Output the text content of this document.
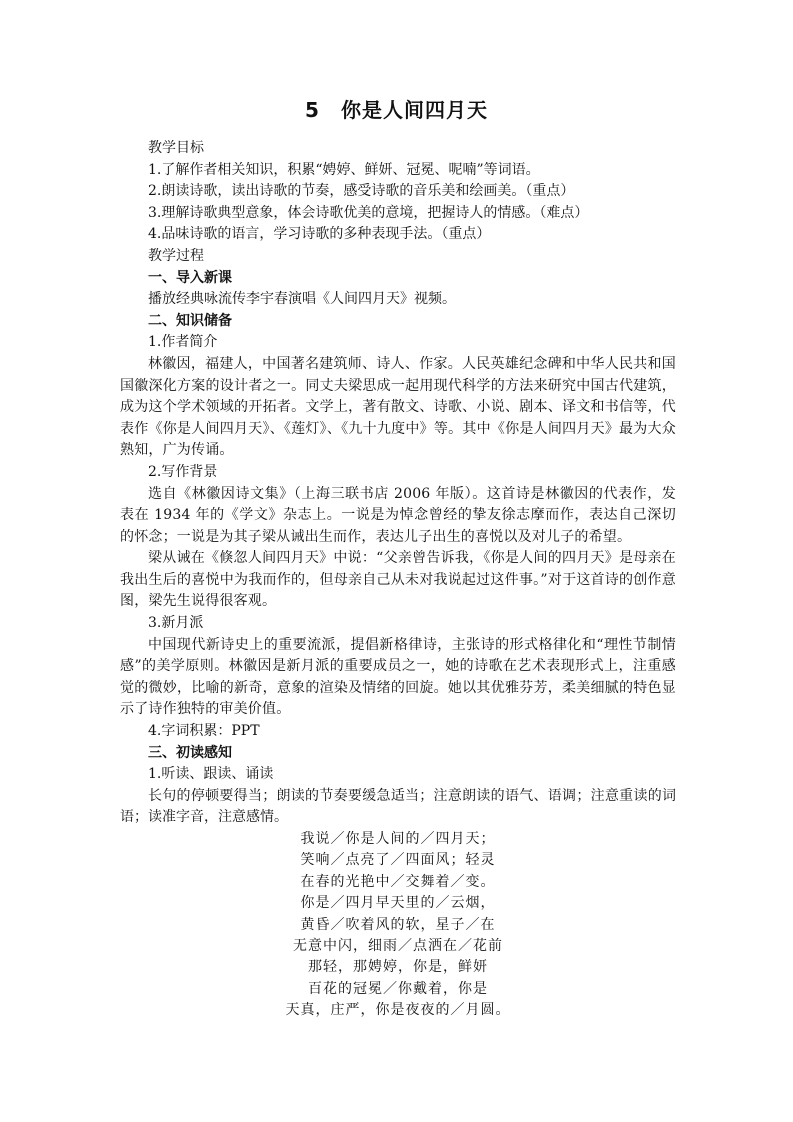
5　你是人间四月天

教学目标

1.了解作者相关知识，积累“娉婷、鲜妍、冠冕、呢喃”等词语。

2.朗读诗歌，读出诗歌的节奏，感受诗歌的音乐美和绘画美。（重点）

3.理解诗歌典型意象，体会诗歌优美的意境，把握诗人的情感。（难点）

4.品味诗歌的语言，学习诗歌的多种表现手法。（重点）

教学过程

一、导入新课

播放经典咏流传李宇春演唱《人间四月天》视频。

二、知识储备

1.作者简介

林徽因，福建人，中国著名建筑师、诗人、作家。人民英雄纪念碑和中华人民共和国国徽深化方案的设计者之一。同丈夫梁思成一起用现代科学的方法来研究中国古代建筑，成为这个学术领域的开拓者。文学上，著有散文、诗歌、小说、剧本、译文和书信等，代表作《你是人间四月天》、《莲灯》、《九十九度中》等。其中《你是人间四月天》最为大众熟知，广为传诵。

2.写作背景

选自《林徽因诗文集》（上海三联书店 2006 年版）。这首诗是林徽因的代表作，发表在 1934 年的《学文》杂志上。一说是为悼念曾经的挚友徐志摩而作，表达自己深切的怀念；一说是为其子梁从诫出生而作，表达儿子出生的喜悦以及对儿子的希望。

梁从诫在《倏忽人间四月天》中说：“父亲曾告诉我，《你是人间的四月天》是母亲在我出生后的喜悦中为我而作的，但母亲自己从未对我说起过这件事。”对于这首诗的创作意图，梁先生说得很客观。

3.新月派

中国现代新诗史上的重要流派，提倡新格律诗，主张诗的形式格律化和“理性节制情感”的美学原则。林徽因是新月派的重要成员之一，她的诗歌在艺术表现形式上，注重感觉的微妙，比喻的新奇，意象的渲染及情绪的回旋。她以其优雅芬芳，柔美细腻的特色显示了诗作独特的审美价值。

4.字词积累：PPT

三、初读感知

1.听读、跟读、诵读

长句的停顿要得当；朗读的节奏要缓急适当；注意朗读的语气、语调；注意重读的词语；读准字音，注意感情。

我说／你是人间的／四月天；
笑响／点亮了／四面风；轻灵
在春的光艳中／交舞着／变。
你是／四月早天里的／云烟，
黄昏／吹着风的软，星子／在
无意中闪，细雨／点洒在／花前
那轻，那娉婷，你是，鲜妍
百花的冠冕／你戴着，你是
天真，庄严，你是夜夜的／月圆。
